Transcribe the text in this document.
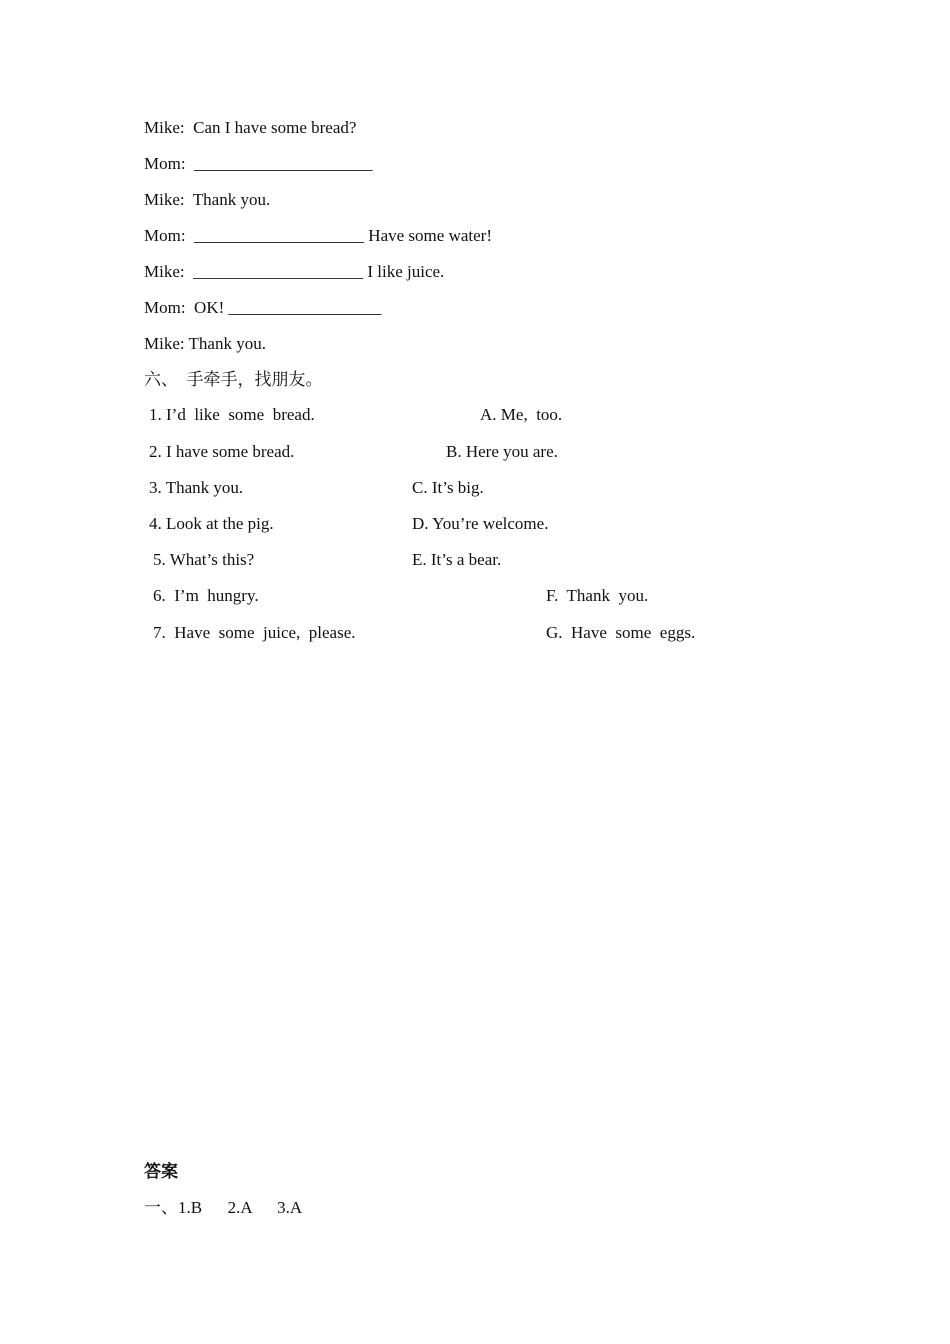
Mike:  Can I have some bread?
Mom:  _____________________
Mike:  Thank you.
Mom:  ____________________ Have some water!
Mike:  ____________________ I like juice.
Mom:  OK! __________________
Mike: Thank you.
六、  手牵手，找朋友。
1. I’d  like  some  bread.
2. I have some bread.
3. Thank you.
4. Look at the pig.
5. What’s this?
6.  I’m  hungry.
7.  Have  some  juice,  please.
A. Me,  too.
B. Here you are.
C. It’s big.
D. You’re welcome.
E. It’s a bear.
F.  Thank  you.
G.  Have  some  eggs.
答案
一、1.B      2.A      3.A
